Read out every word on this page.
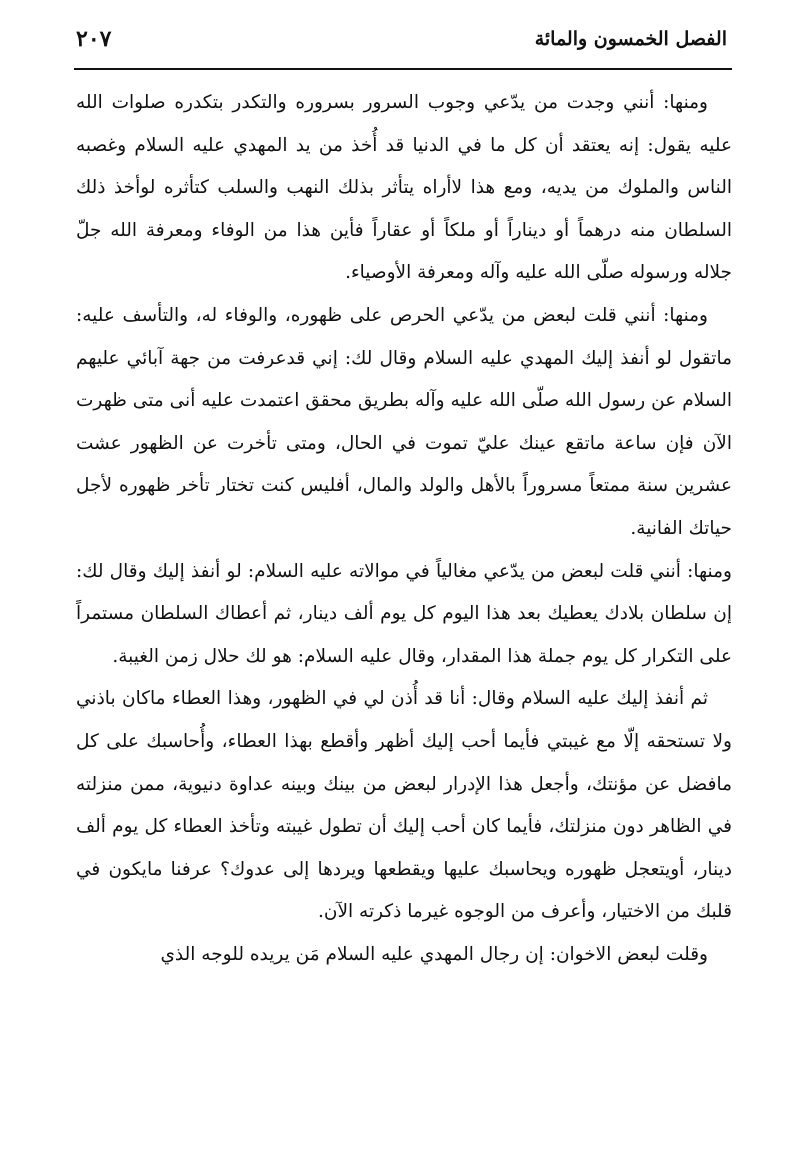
الفصل الخمسون والمائة
٢٠٧

ومنها: أنني وجدت من يدّعي وجوب السرور بسروره والتكدر بتكدره صلوات الله عليه يقول: إنه يعتقد أن كل ما في الدنيا قد أُخذ من يد المهدي عليه السلام وغصبه الناس والملوك من يديه، ومع هذا لاأراه يتأثر بذلك النهب والسلب كتأثره لوأخذ ذلك السلطان منه درهماً أو ديناراً أو ملكاً أو عقاراً فأين هذا من الوفاء ومعرفة الله جلّ جلاله ورسوله صلّى الله عليه وآله ومعرفة الأوصياء.

ومنها: أنني قلت لبعض من يدّعي الحرص على ظهوره، والوفاء له، والتأسف عليه: ماتقول لو أنفذ إليك المهدي عليه السلام وقال لك: إني قدعرفت من جهة آبائي عليهم السلام عن رسول الله صلّى الله عليه وآله بطريق محقق اعتمدت عليه أنى متى ظهرت الآن فإن ساعة ماتقع عينك عليّ تموت في الحال، ومتى تأخرت عن الظهور عشت عشرين سنة ممتعاً مسروراً بالأهل والولد والمال، أفليس كنت تختار تأخر ظهوره لأجل حياتك الفانية.

ومنها: أنني قلت لبعض من يدّعي مغالياً في موالاته عليه السلام: لو أنفذ إليك وقال لك: إن سلطان بلادك يعطيك بعد هذا اليوم كل يوم ألف دينار، ثم أعطاك السلطان مستمراً على التكرار كل يوم جملة هذا المقدار، وقال عليه السلام: هو لك حلال زمن الغيبة.

ثم أنفذ إليك عليه السلام وقال: أنا قد أُذن لي في الظهور، وهذا العطاء ماكان باذني ولا تستحقه إلّا مع غيبتي فأيما أحب إليك أظهر وأقطع بهذا العطاء، وأُحاسبك على كل مافضل عن مؤنتك، وأجعل هذا الإدرار لبعض من بينك وبينه عداوة دنيوية، ممن منزلته في الظاهر دون منزلتك، فأيما كان أحب إليك أن تطول غيبته وتأخذ العطاء كل يوم ألف دينار، أويتعجل ظهوره ويحاسبك عليها ويقطعها ويردها إلى عدوك؟ عرفنا مايكون في قلبك من الاختيار، وأعرف من الوجوه غيرما ذكرته الآن.

وقلت لبعض الاخوان: إن رجال المهدي عليه السلام مَن يريده للوجه الذي
